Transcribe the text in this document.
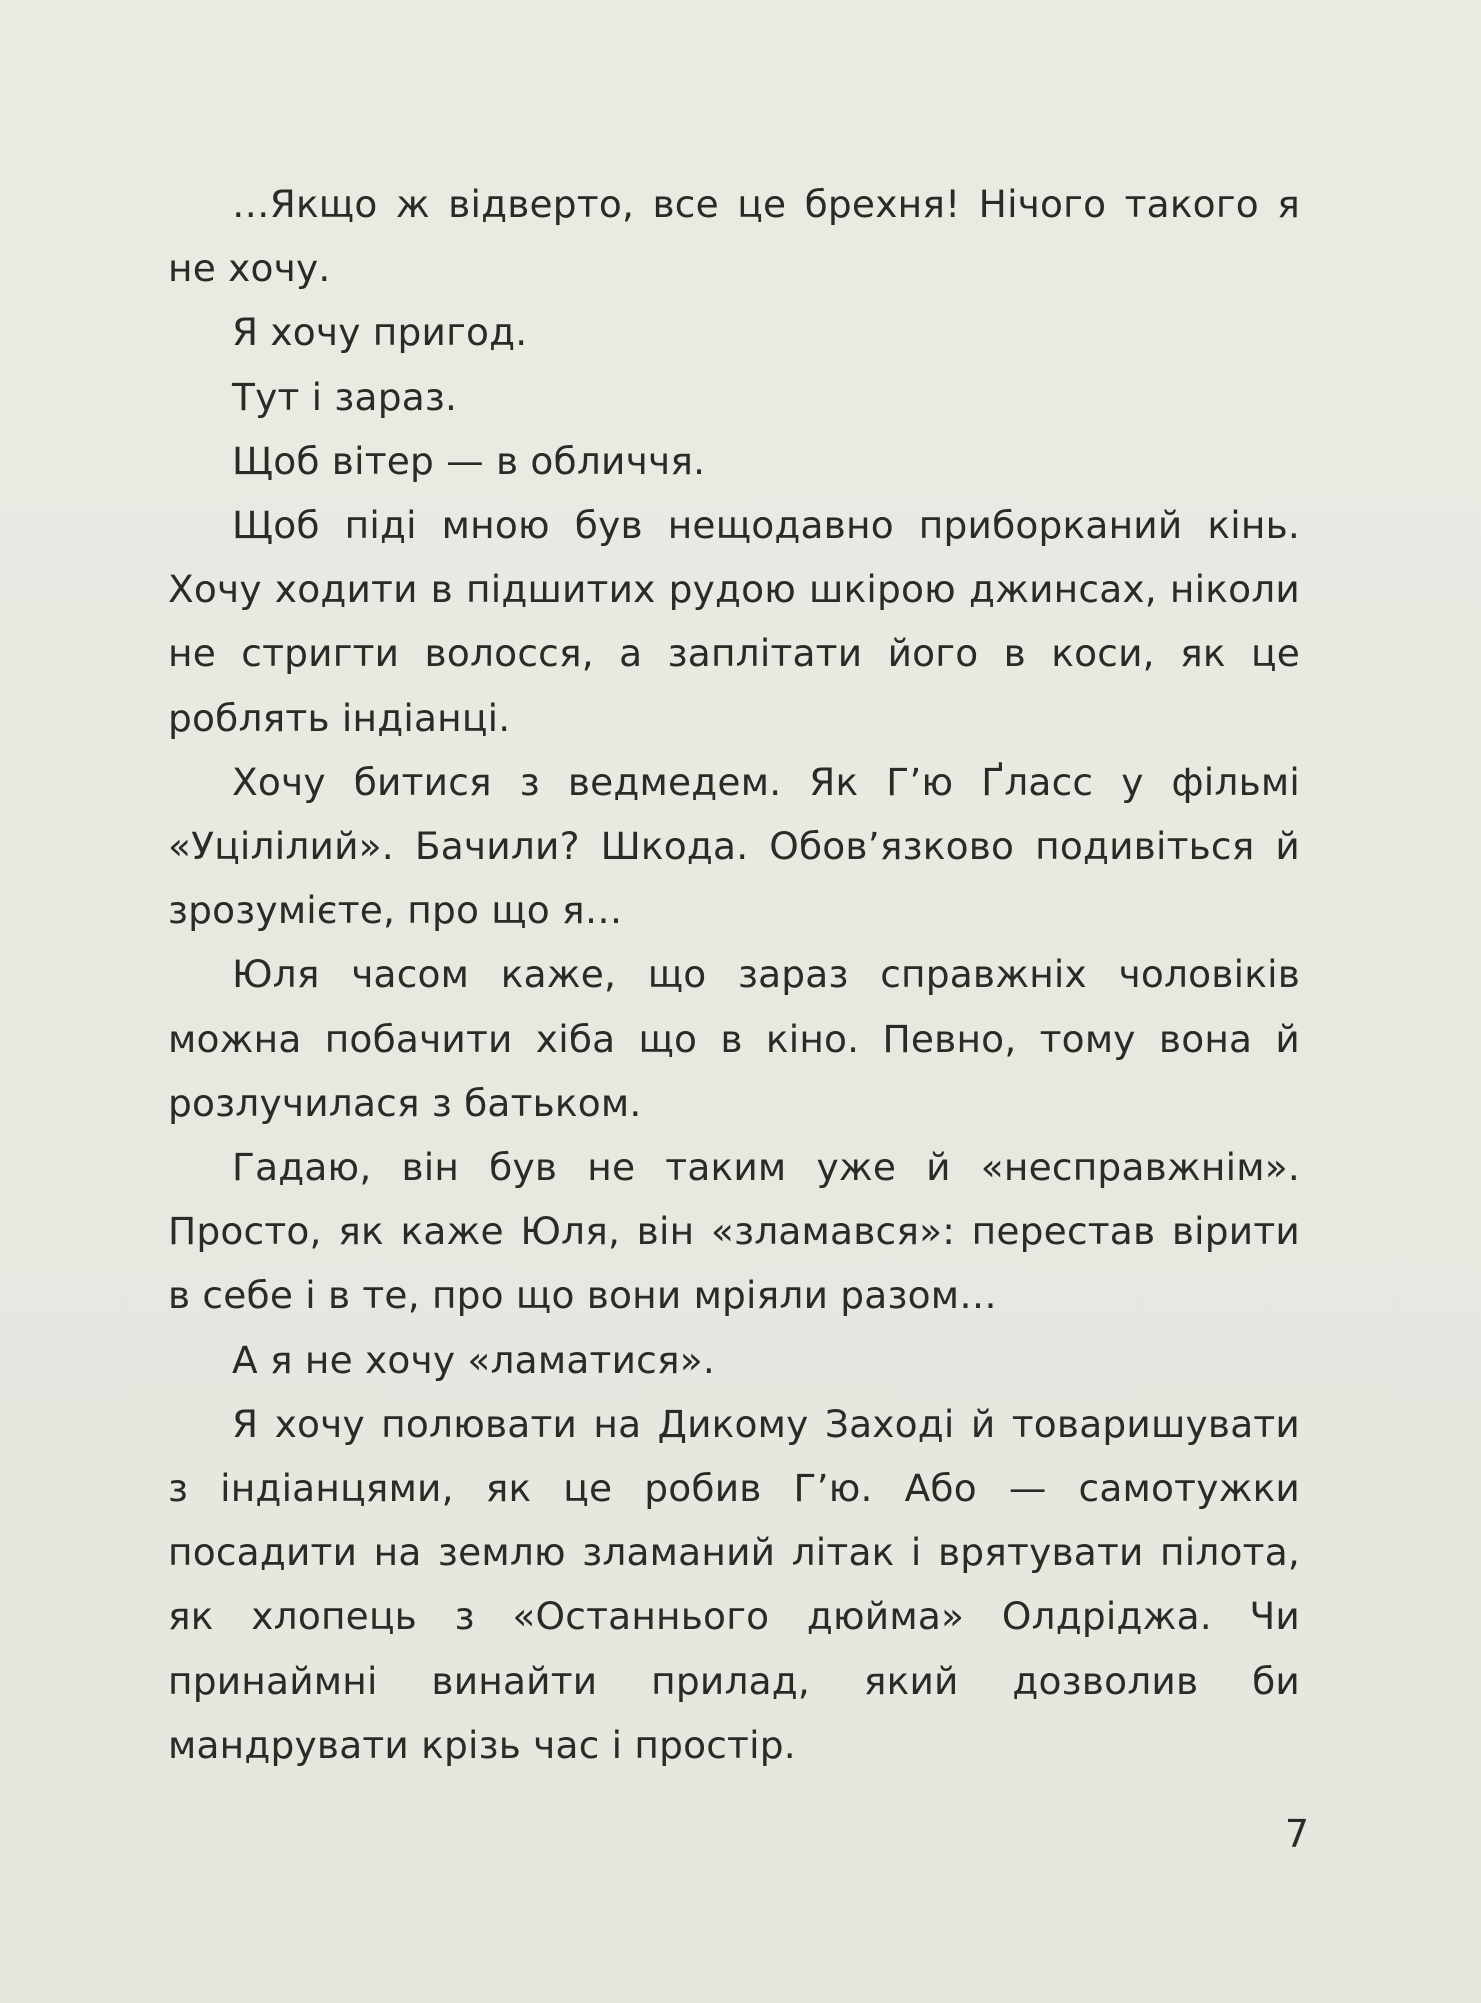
…Якщо ж відверто, все це брехня! Нічого такого я не хочу.

Я хочу пригод.

Тут і зараз.

Щоб вітер — в обличчя.

Щоб піді мною був нещодавно приборканий кінь. Хочу ходити в підшитих рудою шкірою джинсах, ніколи не стригти волосся, а заплітати його в коси, як це роблять індіанці.

Хочу битися з ведмедем. Як Г’ю Ґласс у фільмі «Уцілілий». Бачили? Шкода. Обов’язково подивіться й зрозумієте, про що я…

Юля часом каже, що зараз справжніх чоловіків можна побачити хіба що в кіно. Певно, тому вона й розлучилася з батьком.

Гадаю, він був не таким уже й «несправжнім». Просто, як каже Юля, він «зламався»: перестав вірити в себе і в те, про що вони мріяли разом…

А я не хочу «ламатися».

Я хочу полювати на Дикому Заході й товаришувати з індіанцями, як це робив Г’ю. Або — самотужки посадити на землю зламаний літак і врятувати пілота, як хлопець з «Останнього дюйма» Олдріджа. Чи принаймні винайти прилад, який дозволив би мандрувати крізь час і простір.

7
